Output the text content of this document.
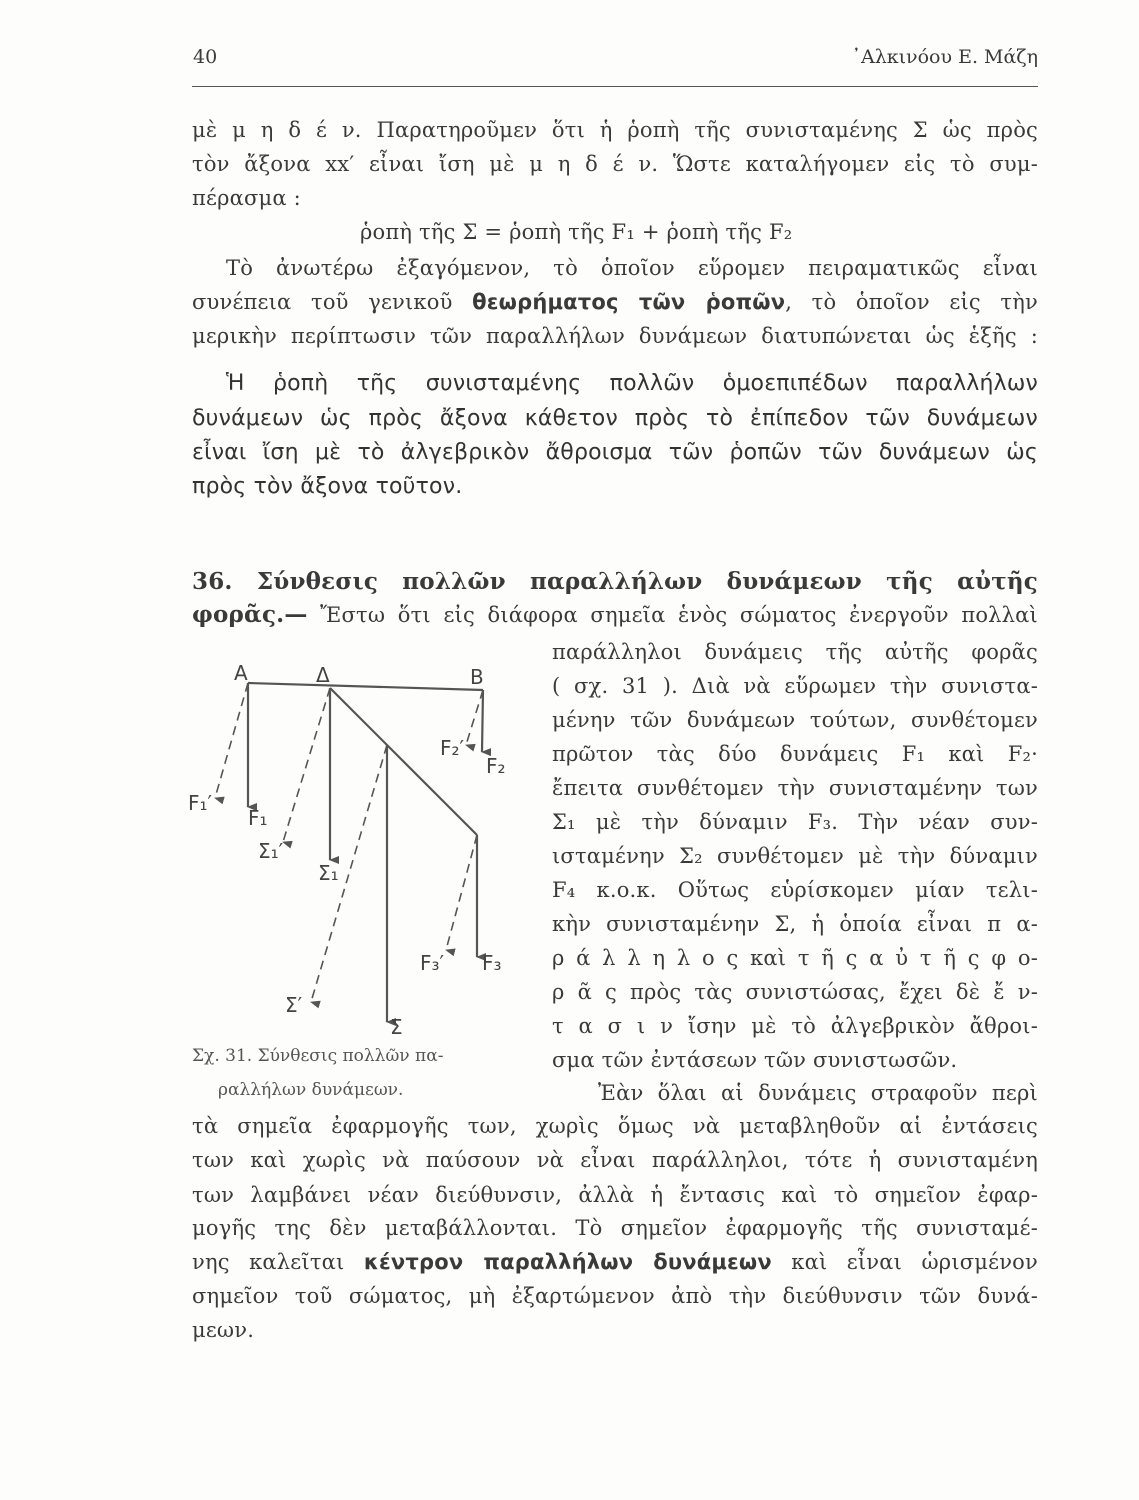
40	᾿Αλκινόου Ε. Μάζη
μὲ μ η δ έ ν. Παρατηροῦμεν ὅτι ἡ ῥοπὴ τῆς συνισταμένης Σ ὡς πρὸς
τὸν ἄξονα xx′ εἶναι ἴση μὲ μ η δ έ ν. Ὥστε καταλήγομεν εἰς τὸ συμ-
πέρασμα :
ῥοπὴ τῆς Σ = ῥοπὴ τῆς F₁ + ῥοπὴ τῆς F₂
Τὸ ἀνωτέρω ἐξαγόμενον, τὸ ὁποῖον εὕρομεν πειραματικῶς εἶναι
συνέπεια τοῦ γενικοῦ θεωρήματος τῶν ῥοπῶν, τὸ ὁποῖον εἰς τὴν
μερικὴν περίπτωσιν τῶν παραλλήλων δυνάμεων διατυπώνεται ὡς ἑξῆς :
Ἡ ῥοπὴ τῆς συνισταμένης πολλῶν ὁμοεπιπέδων παραλλήλων
δυνάμεων ὡς πρὸς ἄξονα κάθετον πρὸς τὸ ἐπίπεδον τῶν δυνάμεων
εἶναι ἴση μὲ τὸ ἀλγεβρικὸν ἄθροισμα τῶν ῥοπῶν τῶν δυνάμεων ὡς
πρὸς τὸν ἄξονα τοῦτον.
36. Σύνθεσις πολλῶν παραλλήλων δυνάμεων τῆς αὐτῆς
φορᾶς.— Ἔστω ὅτι εἰς διάφορα σημεῖα ἑνὸς σώματος ἐνεργοῦν πολλαὶ
παράλληλοι δυνάμεις τῆς αὐτῆς φορᾶς
( σχ. 31 ). Διὰ νὰ εὕρωμεν τὴν συνιστα-
μένην τῶν δυνάμεων τούτων, συνθέτομεν
πρῶτον τὰς δύο δυνάμεις F₁ καὶ F₂·
ἔπειτα συνθέτομεν τὴν συνισταμένην των
Σ₁ μὲ τὴν δύναμιν F₃. Τὴν νέαν συν-
ισταμένην Σ₂ συνθέτομεν μὲ τὴν δύναμιν
F₄ κ.ο.κ. Οὕτως εὑρίσκομεν μίαν τελι-
κὴν συνισταμένην Σ, ἡ ὁποία εἶναι π α-
ρ ά λ λ η λ ο ς καὶ τ ῆ ς α ὐ τ ῆ ς φ ο-
ρ ᾶ ς πρὸς τὰς συνιστώσας, ἔχει δὲ ἔ ν-
τ α σ ι ν ἴσην μὲ τὸ ἀλγεβρικὸν ἄθροι-
σμα τῶν ἐντάσεων τῶν συνιστωσῶν.
Ἐὰν ὅλαι αἱ δυνάμεις στραφοῦν περὶ
τὰ σημεῖα ἐφαρμογῆς των, χωρὶς ὅμως νὰ μεταβληθοῦν αἱ ἐντάσεις
των καὶ χωρὶς νὰ παύσουν νὰ εἶναι παράλληλοι, τότε ἡ συνισταμένη
των λαμβάνει νέαν διεύθυνσιν, ἀλλὰ ἡ ἔντασις καὶ τὸ σημεῖον ἐφαρ-
μογῆς της δὲν μεταβάλλονται. Τὸ σημεῖον ἐφαρμογῆς τῆς συνισταμέ-
νης καλεῖται κέντρον παραλλήλων δυνάμεων καὶ εἶναι ὡρισμένον
σημεῖον τοῦ σώματος, μὴ ἐξαρτώμενον ἀπὸ τὴν διεύθυνσιν τῶν δυνά-
μεων.
A	Δ	B
F₁′
F₁
Σ₁′
Σ₁
F₂′
F₂
F₃′ F₃
Σ′
Σ
Σχ. 31. Σύνθεσις πολλῶν πα-
ραλλήλων δυνάμεων.
